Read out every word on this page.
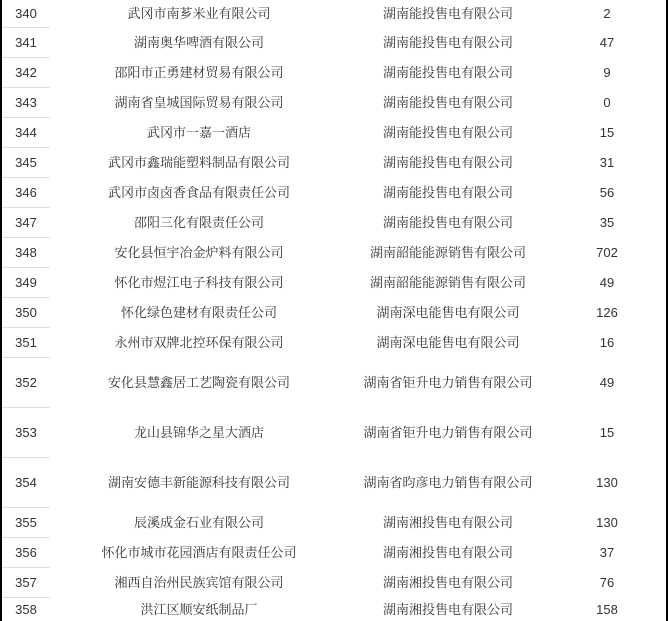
340	武冈市南芗米业有限公司	湖南能投售电有限公司	2
341	湖南奥华啤酒有限公司	湖南能投售电有限公司	47
342	邵阳市正勇建材贸易有限公司	湖南能投售电有限公司	9
343	湖南省皇城国际贸易有限公司	湖南能投售电有限公司	0
344	武冈市一嘉一酒店	湖南能投售电有限公司	15
345	武冈市鑫瑞能塑料制品有限公司	湖南能投售电有限公司	31
346	武冈市卤卤香食品有限责任公司	湖南能投售电有限公司	56
347	邵阳三化有限责任公司	湖南能投售电有限公司	35
348	安化县恒宇冶金炉料有限公司	湖南韶能能源销售有限公司	702
349	怀化市煜江电子科技有限公司	湖南韶能能源销售有限公司	49
350	怀化绿色建材有限责任公司	湖南深电能售电有限公司	126
351	永州市双牌北控环保有限公司	湖南深电能售电有限公司	16
352	安化县慧鑫居工艺陶瓷有限公司	湖南省钜升电力销售有限公司	49
353	龙山县锦华之星大酒店	湖南省钜升电力销售有限公司	15
354	湖南安德丰新能源科技有限公司	湖南省昀彦电力销售有限公司	130
355	辰溪成金石业有限公司	湖南湘投售电有限公司	130
356	怀化市城市花园酒店有限责任公司	湖南湘投售电有限公司	37
357	湘西自治州民族宾馆有限公司	湖南湘投售电有限公司	76
358	洪江区顺安纸制品厂	湖南湘投售电有限公司	158
